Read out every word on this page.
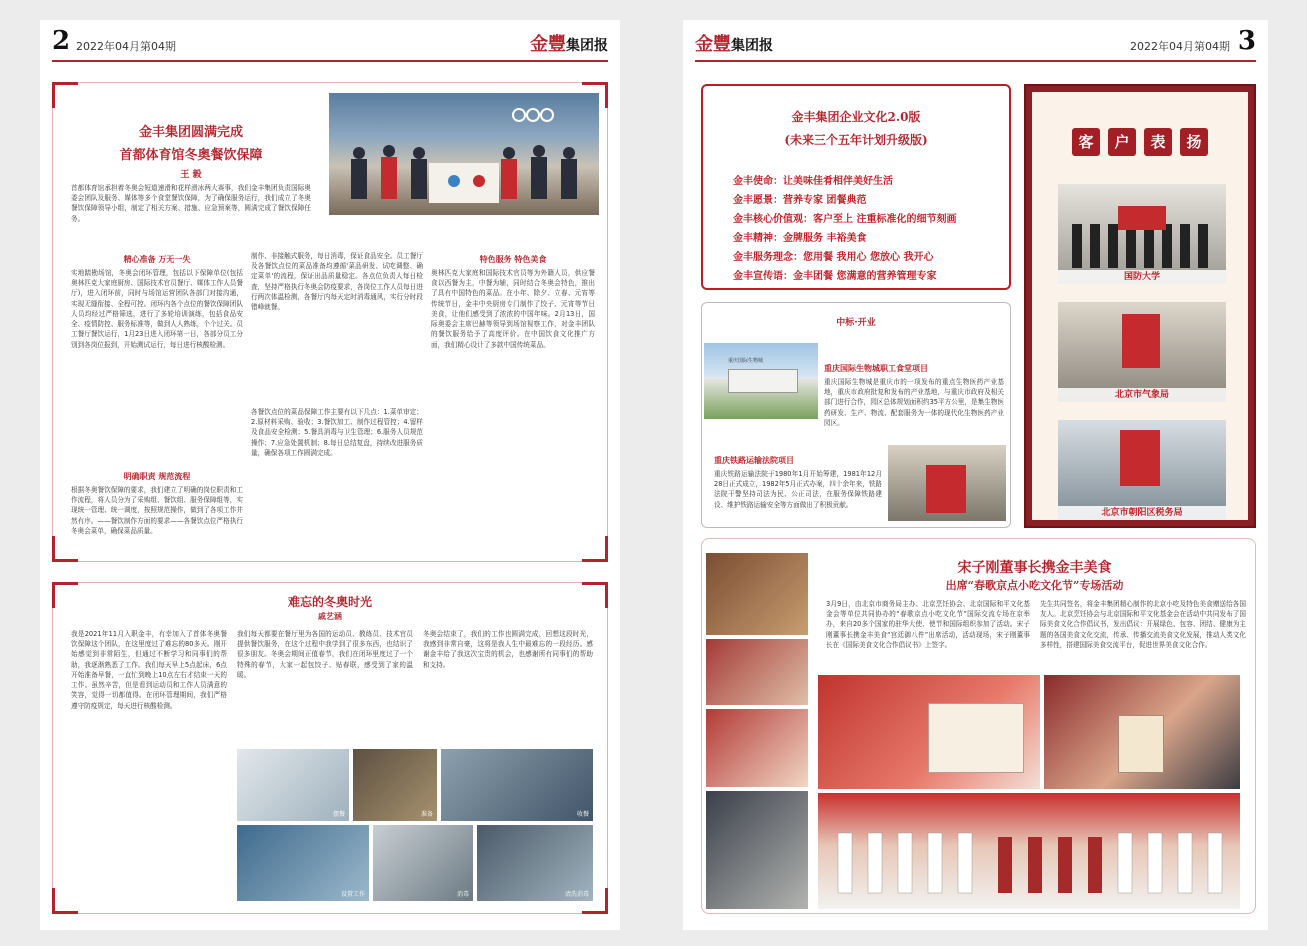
2 2022年04月第04期	金豐集团报
金丰集团圆满完成
首都体育馆冬奥餐饮保障
王 毅
首都体育馆承担着冬奥会短道速滑和花样滑冰两大赛事，我们金丰集团负责国际奥委会团队及服务、媒体等多个食堂餐饮保障，为了确保服务运行，我们成立了冬奥餐饮保障领导小组，制定了相关方案、措施、应急预案等，圆满完成了餐饮保障任务。
精心准备 万无一失
实地踏勘场馆，冬奥会闭环管理，包括以下保障单位(包括奥林匹克大家庭厨房、国际技术官员餐厅、媒体工作人员餐厅)，进入闭环前，同时与场馆运营团队各部门对接沟通，实现无缝衔接、全程可控。闭环内各个点位的餐饮保障团队人员均经过严格筛选，进行了多轮培训演练，包括食品安全、疫情防控、服务标准等，做到人人熟练，个个过关。员工餐厅餐饮运行，1月23日进入闭环第一日，各部分员工分别到各岗位报到，开始测试运行，每日进行核酸检测。
明确职责 规范流程
根据冬奥餐饮保障的要求，我们建立了明确的岗位职责和工作流程，将人员分为了采购组、餐饮组、服务保障组等，实现统一管理、统一调度，按照规范操作，做到了各项工作井然有序。——餐饮制作方面的要求——各餐饮点位严格执行冬奥会菜单，确保菜品质量。
制作、非接触式服务，每日消毒，保证食品安全。员工餐厅及各餐饮点位的菜品准备均遵循'菜品研发、试吃调整、确定菜单'的流程，保证出品质量稳定。各点位负责人每日检查，坚持严格执行冬奥会防疫要求，各岗位工作人员每日进行两次体温检测，各餐厅内每天定时消毒通风，实行分时段错峰就餐。
各餐饮点位的菜品保障工作主要有以下几点：1.菜单审定；2.原材料采购、验收；3.餐饮加工、制作过程管控；4.留样及食品安全检测；5.餐具消毒与卫生管理；6.服务人员规范操作；7.应急处置机制；8.每日总结复盘，持续改进服务质量，确保各项工作圆满完成。
特色服务 特色美食
奥林匹克大家庭和国际技术官员等为外籍人员，供应餐食以西餐为主，中餐为辅，同时结合冬奥会特色，推出了具有中国特色的菜品。在小年、除夕、立春、元宵等传统节日，金丰中央厨房专门制作了饺子、元宵等节日美食，让他们感受到了浓浓的中国年味。2月13日，国际奥委会主席巴赫等领导到场馆视察工作，对金丰团队的餐饮服务给予了高度评价。在中国饮食文化推广方面，我们精心设计了多款中国传统菜品。
难忘的冬奥时光
戚艺涵
我是2021年11月入职金丰，有幸加入了首体冬奥餐饮保障这个团队，在这里度过了难忘的80多天。刚开始感觉到非常陌生，但通过不断学习和同事们的帮助，我逐渐熟悉了工作。我们每天早上5点起床，6点开始准备早餐，一直忙到晚上10点左右才结束一天的工作。虽然辛苦，但是看到运动员和工作人员满意的笑容，觉得一切都值得。在闭环管理期间，我们严格遵守防疫规定，每天进行核酸检测。
我们每天都要在餐厅里为各国的运动员、教练员、技术官员提供餐饮服务，在这个过程中我学到了很多东西，也结识了很多朋友。冬奥会期间正值春节，我们在闭环里度过了一个特殊的春节，大家一起包饺子、贴春联，感受到了家的温暖。
冬奥会结束了，我们的工作也圆满完成，回想这段时光，我感到非常自豪，这将是我人生中最难忘的一段经历。感谢金丰给了我这次宝贵的机会，也感谢所有同事们的帮助和支持。
摆餐	准备	收餐
设置工作	消毒	清洗消毒
金豐集团报	2022年04月第04期 3
金丰集团企业文化2.0版
(未来三个五年计划升级版)
金丰使命：让美味佳肴相伴美好生活
金丰愿景：营养专家 团餐典范
金丰核心价值观：客户至上 注重标准化的细节刻画
金丰精神：金牌服务 丰裕美食
金丰服务理念：您用餐 我用心 您放心 我开心
金丰宣传语：金丰团餐 您满意的营养管理专家
中标·开业
重庆国际生物城
重庆国际生物城职工食堂项目
重庆国际生物城是重庆市的一项发布的重点生物医药产业基地，重庆市政府批复和发布的产业基地，与重庆市政府及相关部门进行合作，园区总体规划面积约35平方公里，是集生物医药研发、生产、物流、配套服务为一体的现代化生物医药产业园区。
重庆铁路运输法院项目
重庆铁路运输法院于1980年1月开始筹建，1981年12月28日正式成立，1982年5月正式办案，四十余年来，铁路法院干警坚持司法为民、公正司法，在服务保障铁路建设、维护铁路运输安全等方面做出了积极贡献。
客 户 表 扬
国防大学
北京市气象局
北京市朝阳区税务局
宋子刚董事长携金丰美食
出席“春歌京点小吃文化节”专场活动
3月9日，由北京市商务局主办、北京烹饪协会、北京国际和平文化基金会等单位共同协办的“春歌京点小吃文化节”国际交流专场在京举办，来自20多个国家的驻华大使、使节和国际组织参加了活动。宋子刚董事长携金丰美食“宫廷御八件”出席活动，活动现场，宋子刚董事长在《国际美食文化合作倡议书》上签字。
先生共同签名，将金丰集团精心制作的北京小吃及特色美食赠送给各国友人。北京烹饪协会与北京国际和平文化基金会在活动中共同发布了国际美食文化合作倡议书，发出倡议：开展绿色、包容、团结、健康为主题的各国美食文化交流，传承、传播交流美食文化发展，推动人类文化多样性，搭建国际美食交流平台，促进世界美食文化合作。
